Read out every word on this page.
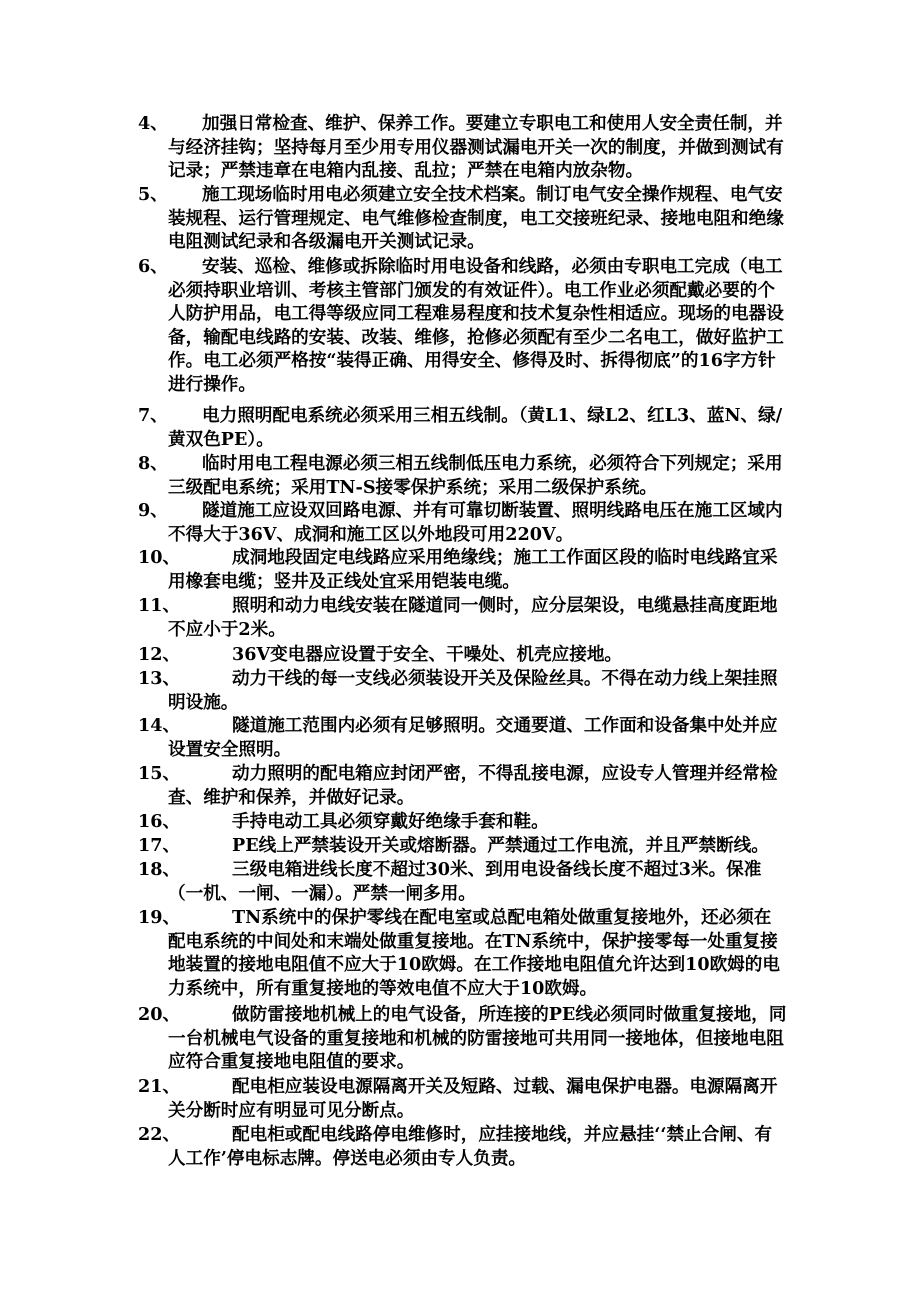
4、	加强日常检查、维护、保养工作。要建立专职电工和使用人安全责任制，并与经济挂钩；坚持每月至少用专用仪器测试漏电开关一次的制度，并做到测试有记录；严禁违章在电箱内乱接、乱拉；严禁在电箱内放杂物。
5、	施工现场临时用电必须建立安全技术档案。制订电气安全操作规程、电气安装规程、运行管理规定、电气维修检查制度，电工交接班纪录、接地电阻和绝缘电阻测试纪录和各级漏电开关测试记录。
6、	安装、巡检、维修或拆除临时用电设备和线路，必须由专职电工完成（电工必须持职业培训、考核主管部门颁发的有效证件）。电工作业必须配戴必要的个人防护用品，电工得等级应同工程难易程度和技术复杂性相适应。现场的电器设备，输配电线路的安装、改装、维修，抢修必须配有至少二名电工，做好监护工作。电工必须严格按“装得正确、用得安全、修得及时、拆得彻底”的16字方针进行操作。
7、	电力照明配电系统必须采用三相五线制。（黄L1、绿L2、红L3、蓝N、绿/黄双色PE）。
8、	临时用电工程电源必须三相五线制低压电力系统，必须符合下列规定；采用三级配电系统；采用TN-S接零保护系统；采用二级保护系统。
9、	隧道施工应设双回路电源、并有可靠切断装置、照明线路电压在施工区域内不得大于36V、成洞和施工区以外地段可用220V。
10、	成洞地段固定电线路应采用绝缘线；施工工作面区段的临时电线路宜采用橡套电缆；竖井及正线处宜采用铠装电缆。
11、	照明和动力电线安装在隧道同一侧时，应分层架设，电缆悬挂高度距地不应小于2米。
12、	36V变电器应设置于安全、干噪处、机壳应接地。
13、	动力干线的每一支线必须装设开关及保险丝具。不得在动力线上架挂照明设施。
14、	隧道施工范围内必须有足够照明。交通要道、工作面和设备集中处并应设置安全照明。
15、	动力照明的配电箱应封闭严密，不得乱接电源，应设专人管理并经常检查、维护和保养，并做好记录。
16、	手持电动工具必须穿戴好绝缘手套和鞋。
17、	PE线上严禁装设开关或熔断器。严禁通过工作电流，并且严禁断线。
18、	三级电箱进线长度不超过30米、到用电设备线长度不超过3米。保准（一机、一闸、一漏）。严禁一闸多用。
19、	TN系统中的保护零线在配电室或总配电箱处做重复接地外，还必须在配电系统的中间处和末端处做重复接地。在TN系统中，保护接零每一处重复接地装置的接地电阻值不应大于10欧姆。在工作接地电阻值允许达到10欧姆的电力系统中，所有重复接地的等效电值不应大于10欧姆。
20、	做防雷接地机械上的电气设备，所连接的PE线必须同时做重复接地，同一台机械电气设备的重复接地和机械的防雷接地可共用同一接地体，但接地电阻应符合重复接地电阻值的要求。
21、	配电柜应装设电源隔离开关及短路、过载、漏电保护电器。电源隔离开关分断时应有明显可见分断点。
22、	配电柜或配电线路停电维修时，应挂接地线，并应悬挂‘‘禁止合闸、有人工作’停电标志牌。停送电必须由专人负责。
